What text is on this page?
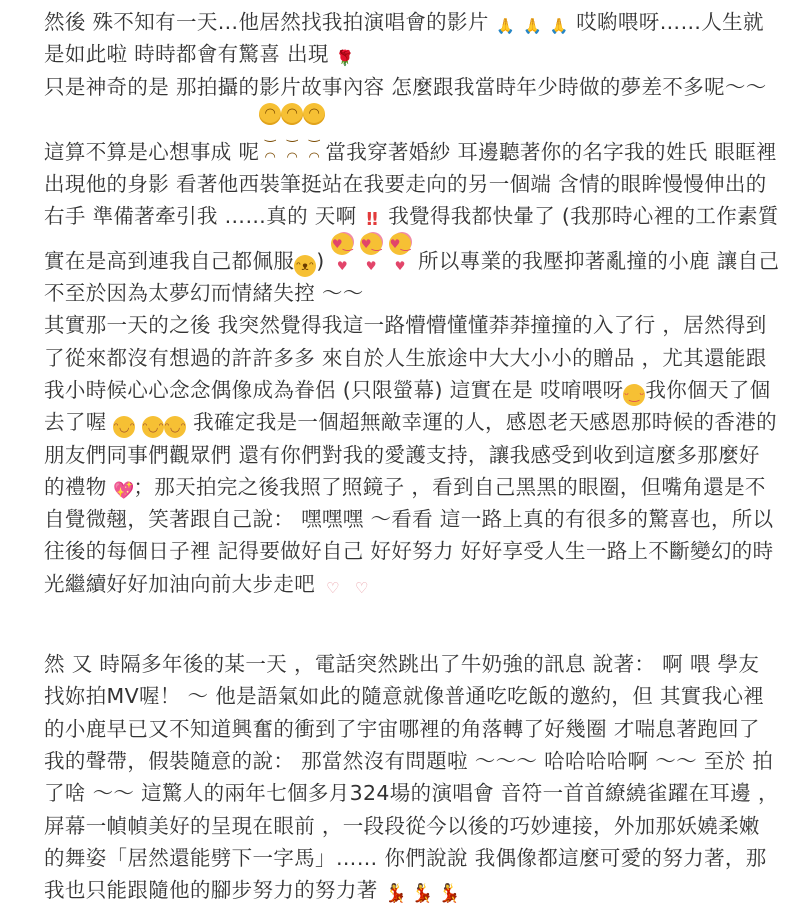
然後 殊不知有一天…他居然找我拍演唱會的影片 🙏 🙏 🙏 哎喲喂呀……人生就是如此啦 時時都會有驚喜 出現 🌹
只是神奇的是 那拍攝的影片故事內容 怎麼跟我當時年少時做的夢差不多呢～～這算不算是心想事成 呢◠‿◠◠‿◠◠‿◠ 當我穿著婚紗 耳邊聽著你的名字我的姓氏 眼眶裡出現他的身影 看著他西裝筆挺站在我要走向的另一個端 含情的眼眸慢慢伸出的右手 準備著牽引我 ……真的 天啊 ‼ 我覺得我都快暈了 (我那時心裡的工作素質實在是高到連我自己都佩服 ᵔᴥᵔ) ♥‿♥ ♥‿♥ ♥‿♥ 所以專業的我壓抑著亂撞的小鹿 讓自己不至於因為太夢幻而情緒失控 ～～
其實那一天的之後 我突然覺得我這一路懵懵懂懂莽莽撞撞的入了行 ，居然得到了從來都沒有想過的許許多多 來自於人生旅途中大大小小的贈品 ，尤其還能跟我小時候心心念念偶像成為眷侶 (只限螢幕) 這實在是 哎唷喂呀ᵕ‿ᵕ我你個天了個去了喔 ᵔ◡ᵔ ᵔ◡ᵔᵔ◡ᵔ 我確定我是一個超無敵幸運的人，感恩老天感恩那時候的香港的朋友們同事們觀眾們 還有你們對我的愛護支持，讓我感受到收到這麼多那麼好的禮物 💖；那天拍完之後我照了照鏡子 ，看到自己黑黑的眼圈，但嘴角還是不自覺微翹，笑著跟自己說： 嘿嘿嘿 ～看看 這一路上真的有很多的驚喜也，所以往後的每個日子裡 記得要做好自己 好好努力 好好享受人生一路上不斷變幻的時光繼續好好加油向前大步走吧 ♡ ♡

然 又 時隔多年後的某一天 ，電話突然跳出了牛奶強的訊息 說著： 啊 喂 學友找妳拍MV喔！ ～ 他是語氣如此的隨意就像普通吃吃飯的邀約，但 其實我心裡的小鹿早已又不知道興奮的衝到了宇宙哪裡的角落轉了好幾圈 才喘息著跑回了我的聲帶，假裝隨意的說： 那當然沒有問題啦 ～～～ 哈哈哈哈啊 ～～ 至於 拍了啥 ～～ 這驚人的兩年七個多月324場的演唱會 音符一首首繚繞雀躍在耳邊 ，屏幕一幀幀美好的呈現在眼前 ，一段段從今以後的巧妙連接，外加那妖嬈柔嫩的舞姿「居然還能劈下一字馬」…… 你們說說 我偶像都這麼可愛的努力著，那我也只能跟隨他的腳步努力的努力著 💃 💃 💃
